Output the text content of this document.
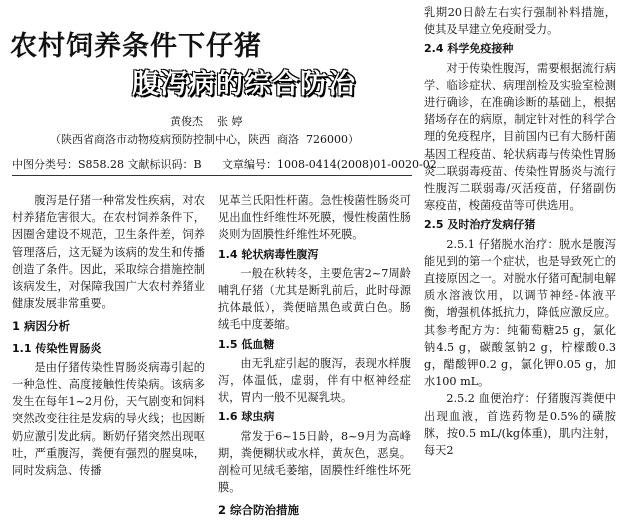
农村饲养条件下仔猪
腹泻病的综合防治
黄俊杰    张 婷
（陕西省商洛市动物疫病预防控制中心，陕西  商洛  726000）
中图分类号：S858.28 文献标识码：B 文章编号：1008-0414(2008)01-0020-02

腹泻是仔猪一种常发性疾病，对农村养猪危害很大。在农村饲养条件下，因圈舍建设不规范，卫生条件差，饲养管理落后，这无疑为该病的发生和传播创造了条件。因此，采取综合措施控制该病发生，对保障我国广大农村养猪业健康发展非常重要。

1 病因分析
1.1 传染性胃肠炎

是由仔猪传染性胃肠炎病毒引起的一种急性、高度接触性传染病。该病多发生在每年1~2月份，天气剧变和饲料突然改变往往是发病的导火线；也因断奶应激引发此病。断奶仔猪突然出现呕吐，严重腹泻，粪便有强烈的腥臭味，同时发病急、传播

见革兰氏阳性杆菌。急性梭菌性肠炎可见出血性纤维性坏死膜，慢性梭菌性肠炎则为固膜性纤维性坏死膜。

1.4 轮状病毒性腹泻

一般在秋转冬，主要危害2~7周龄哺乳仔猪（尤其是断乳前后，此时母源抗体最低），粪便暗黑色或黄白色。肠绒毛中度萎缩。

1.5 低血糖

由无乳症引起的腹泻，表现水样腹泻，体温低，虚弱，伴有中枢神经症状，胃内一般不见凝乳块。

1.6 球虫病

常发于6~15日龄，8~9月为高峰期，粪便糊状或水样，黄灰色，恶臭。剖检可见绒毛萎缩，固膜性纤维性坏死膜。

2 综合防治措施

乳期20日龄左右实行强制补料措施，使其及早建立免疫耐受力。

2.4 科学免疫接种

对于传染性腹泻，需要根据流行病学、临诊症状、病理剖检及实验室检测进行确诊，在准确诊断的基础上，根据猪场存在的病原，制定针对性的科学合理的免疫程序，目前国内已有大肠杆菌基因工程疫苗、轮状病毒与传染性胃肠炎二联弱毒疫苗、传染性胃肠炎与流行性腹泻二联弱毒/灭活疫苗，仔猪副伤寒疫苗，梭菌疫苗等可供选用。

2.5 及时治疗发病仔猪

2.5.1 仔猪脱水治疗：脱水是腹泻能见到的第一个症状，也是导致死亡的直接原因之一。对脱水仔猪可配制电解质水溶液饮用，以调节神经-体液平衡，增强机体抵抗力，降低应激反应。其参考配方为：纯葡萄糖25 g，氯化钠4.5 g，碳酸氢钠2 g，柠檬酸0.3 g，醋酸钾0.2 g，氯化钾0.05 g，加水100 mL。

2.5.2 血便治疗：仔猪腹泻粪便中出现血液，首选药物是0.5%的磺胺脒，按0.5 mL/(kg体重)，肌内注射，每天2
